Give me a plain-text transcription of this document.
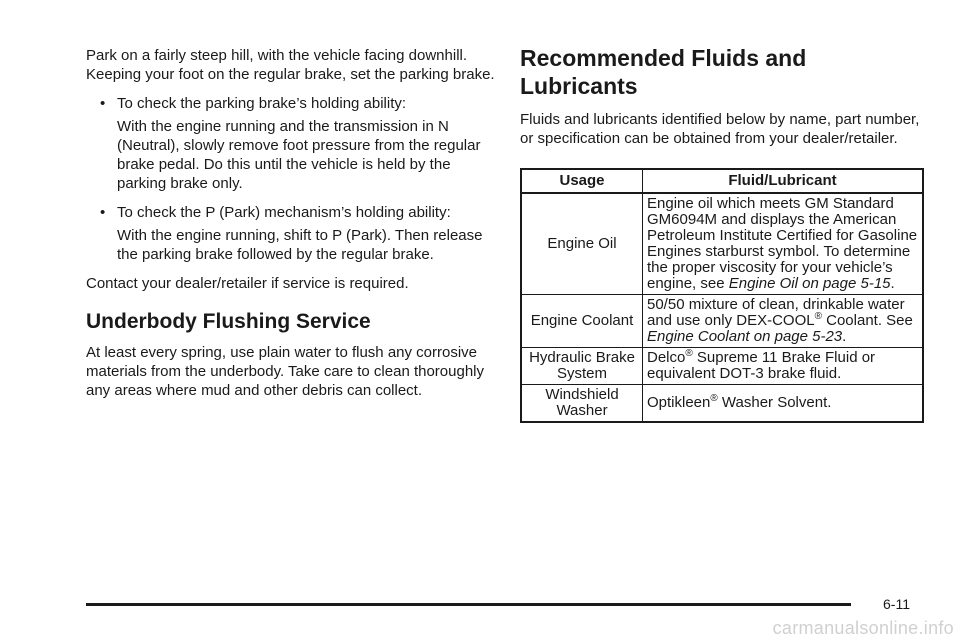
Park on a fairly steep hill, with the vehicle facing downhill. Keeping your foot on the regular brake, set the parking brake.

• To check the parking brake’s holding ability:
With the engine running and the transmission in N (Neutral), slowly remove foot pressure from the regular brake pedal. Do this until the vehicle is held by the parking brake only.
• To check the P (Park) mechanism’s holding ability:
With the engine running, shift to P (Park). Then release the parking brake followed by the regular brake.

Contact your dealer/retailer if service is required.

Underbody Flushing Service

At least every spring, use plain water to flush any corrosive materials from the underbody. Take care to clean thoroughly any areas where mud and other debris can collect.

Recommended Fluids and Lubricants

Fluids and lubricants identified below by name, part number, or specification can be obtained from your dealer/retailer.

Usage	Fluid/Lubricant
Engine Oil	Engine oil which meets GM Standard GM6094M and displays the American Petroleum Institute Certified for Gasoline Engines starburst symbol. To determine the proper viscosity for your vehicle’s engine, see Engine Oil on page 5-15.
Engine Coolant	50/50 mixture of clean, drinkable water and use only DEX-COOL® Coolant. See Engine Coolant on page 5-23.
Hydraulic Brake System	Delco® Supreme 11 Brake Fluid or equivalent DOT-3 brake fluid.
Windshield Washer	Optikleen® Washer Solvent.
6-11
carmanualsonline.info
